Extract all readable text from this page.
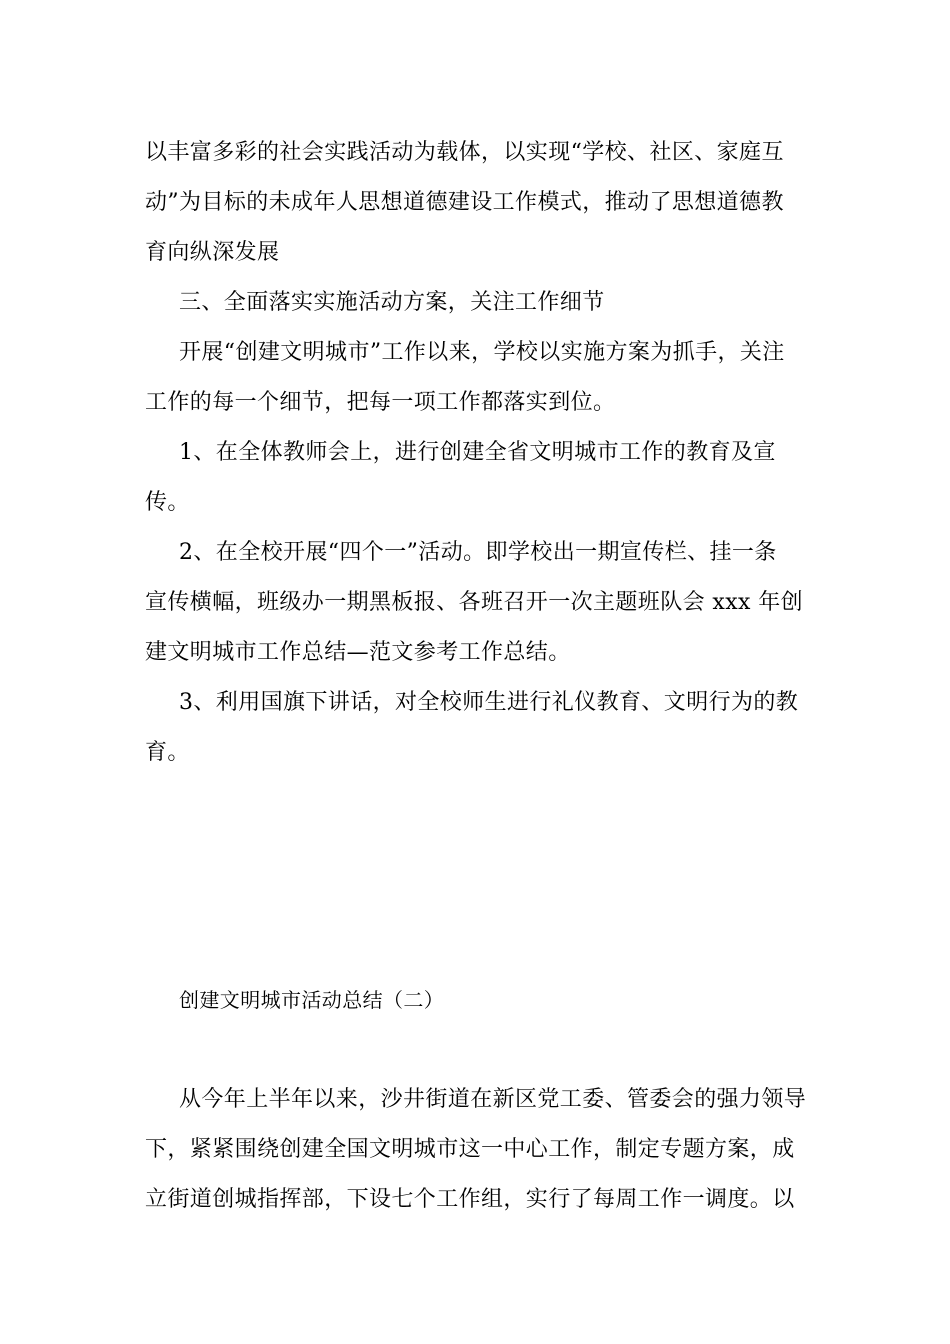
以丰富多彩的社会实践活动为载体，以实现“学校、社区、家庭互
动”为目标的未成年人思想道德建设工作模式，推动了思想道德教
育向纵深发展
三、全面落实实施活动方案，关注工作细节
开展“创建文明城市”工作以来，学校以实施方案为抓手，关注
工作的每一个细节，把每一项工作都落实到位。
1、在全体教师会上，进行创建全省文明城市工作的教育及宣
传。
2、在全校开展“四个一”活动。即学校出一期宣传栏、挂一条
宣传横幅，班级办一期黑板报、各班召开一次主题班队会 xxx 年创
建文明城市工作总结—范文参考工作总结。
3、利用国旗下讲话，对全校师生进行礼仪教育、文明行为的教
育。
创建文明城市活动总结（二）
从今年上半年以来，沙井街道在新区党工委、管委会的强力领导
下，紧紧围绕创建全国文明城市这一中心工作，制定专题方案，成
立街道创城指挥部，下设七个工作组，实行了每周工作一调度。以
